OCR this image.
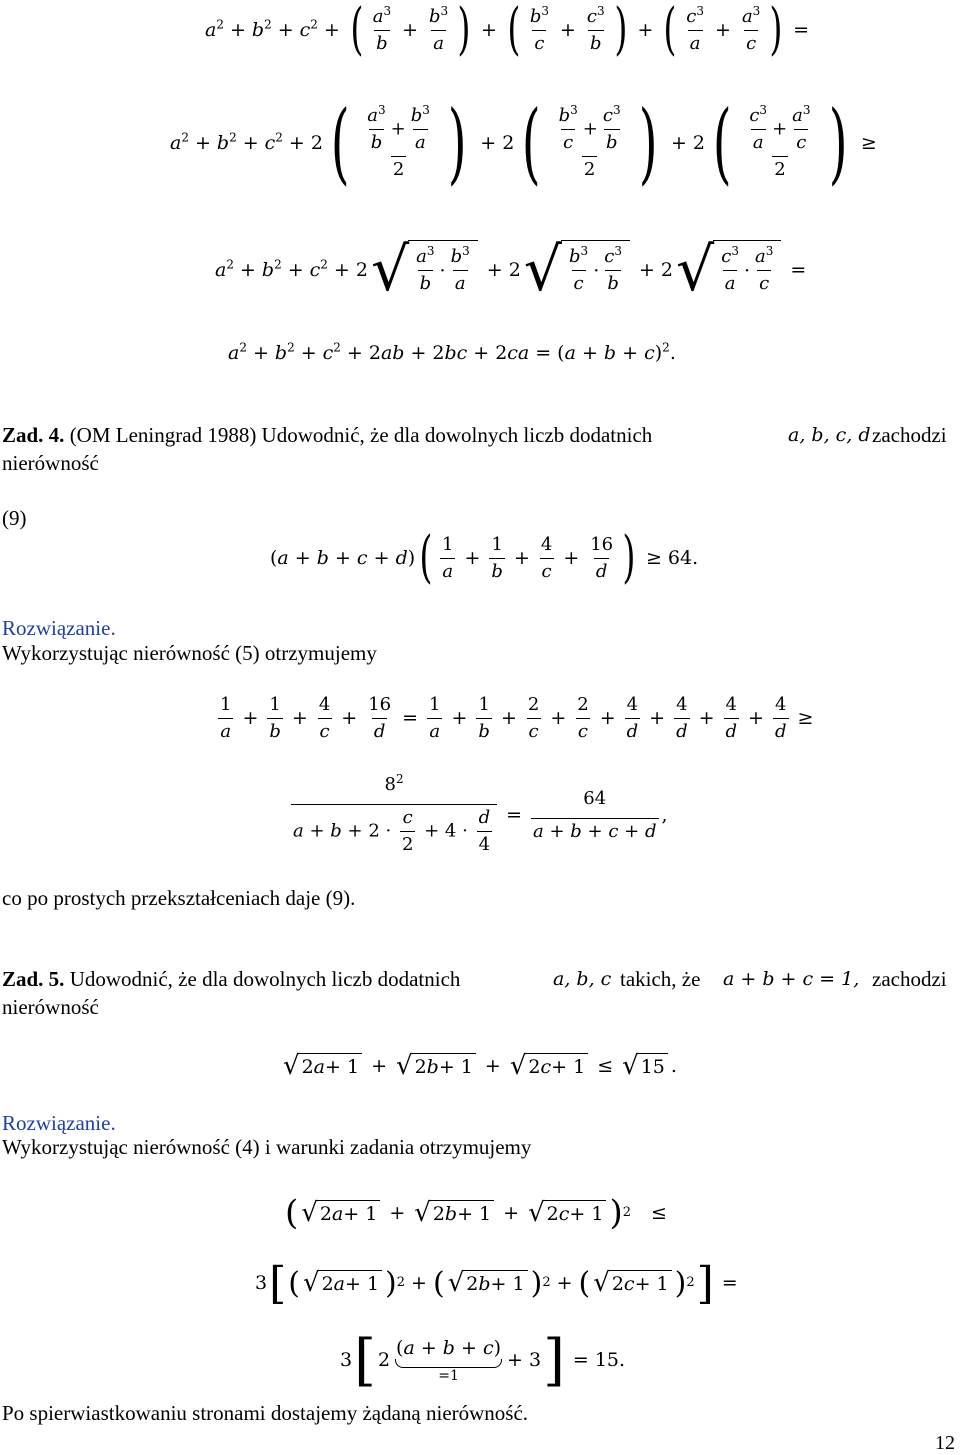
$a^2 + b^2 + c^2$ + ( $\frac{a^3}{b} + \frac{b^3}{a}$ ) + ( $\frac{b^3}{c} + \frac{c^3}{b}$ ) + ( $\frac{c^3}{a} + \frac{a^3}{c}$ ) =
$a^2 + b^2 + c^2 + 2$ ( $\frac{\frac{a^3}{b} + \frac{b^3}{a}}{2}$ ) + 2 ( $\frac{\frac{b^3}{c} + \frac{c^3}{b}}{2}$ ) + 2 ( $\frac{\frac{c^3}{a} + \frac{a^3}{c}}{2}$ ) ≥
$a^2 + b^2 + c^2 + 2$ √ $\frac{a^3}{b} \cdot \frac{b^3}{a} + 2$ √ $\frac{b^3}{c} \cdot \frac{c^3}{b} + 2$ √ $\frac{c^3}{a} \cdot \frac{a^3}{c}$ =
$a^2 + b^2 + c^2 + 2ab + 2bc + 2ca = (a + b + c)^2$.
Zad. 4. (OM Leningrad 1988) Udowodnić, że dla dowolnych liczb dodatnich	a, b, c, d zachodzi
nierówność
(9)
(a + b + c + d) ( $\frac{1}{a} + \frac{1}{b} + \frac{4}{c} + \frac{16}{d}$ ) ≥ 64.
Rozwiązanie.
Wykorzystując nierówność (5) otrzymujemy
$\frac{1}{a} + \frac{1}{b} + \frac{4}{c} + \frac{16}{d} = \frac{1}{a} + \frac{1}{b} + \frac{2}{c} + \frac{2}{c} + \frac{4}{d} + \frac{4}{d} + \frac{4}{d} + \frac{4}{d}$ ≥
$\frac{8^2}{a + b + 2 \cdot \frac{c}{2} + 4 \cdot \frac{d}{4}} = \frac{64}{a + b + c + d}$ ,
co po prostych przekształceniach daje (9).
Zad. 5. Udowodnić, że dla dowolnych liczb dodatnich	a, b, c takich, że a + b + c = 1, zachodzi
nierówność
√ 2 a + 1 + √ 2 b + 1 + √ 2 c + 1 ≤ √ 15 .
Rozwiązanie.
Wykorzystując nierówność (4) i warunki zadania otrzymujemy
( √ 2 a + 1 + √ 2 b + 1 + √ 2 c + 1 ) 2 ≤
3 [ ( √ 2 a + 1 ) 2 + ( √ 2 b + 1 ) 2 + ( √ 2 c + 1 ) 2 ] =
3 [ 2
(a + b + c)
=1
+ 3 ] = 15.
Po spierwiastkowaniu stronami dostajemy żądaną nierówność.
12
